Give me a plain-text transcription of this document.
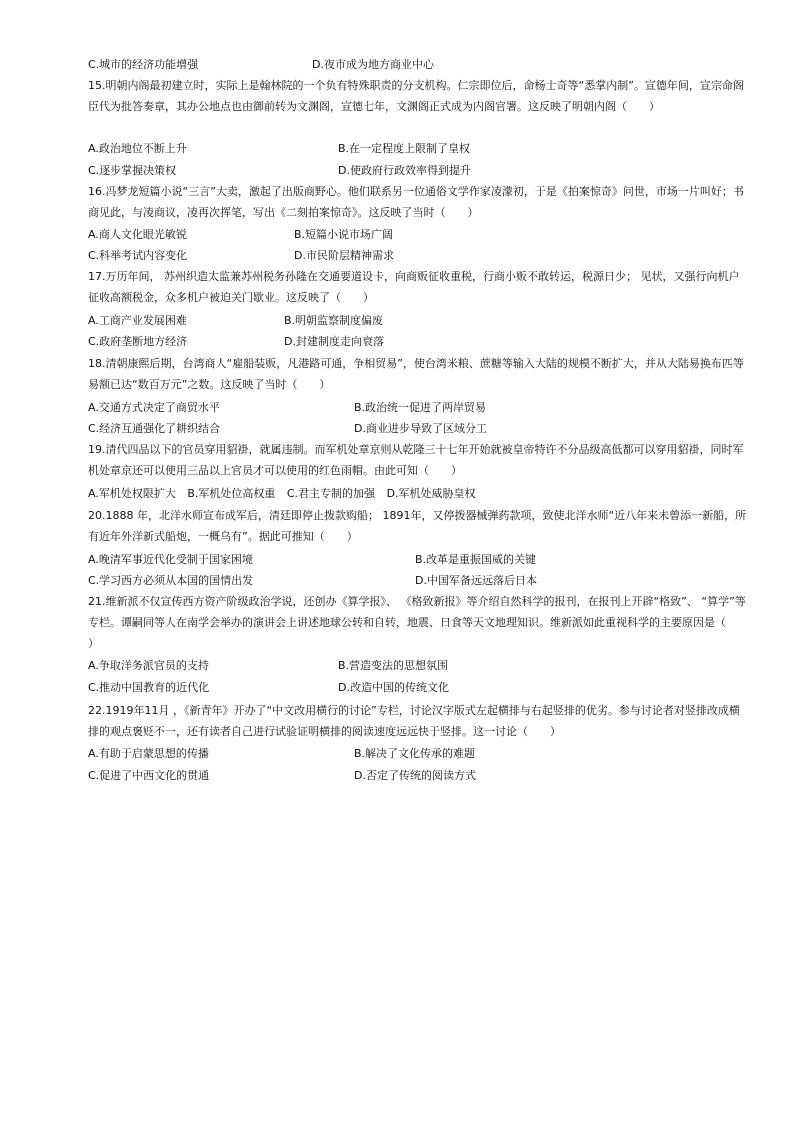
C.城市的经济功能增强	D.夜市成为地方商业中心
15.明朝内阁最初建立时，实际上是翰林院的一个负有特殊职责的分支机构。仁宗即位后，命杨士奇等“悉掌内制”。宣德年间，宣宗命阁臣代为批答奏章，其办公地点也由御前转为文渊阁，宣德七年，文渊阁正式成为内阁官署。这反映了明朝内阁（　　）
A.政治地位不断上升	B.在一定程度上限制了皇权
C.逐步掌握决策权	D.使政府行政效率得到提升
16.冯梦龙短篇小说“三言”大卖，激起了出版商野心。他们联系另一位通俗文学作家凌濛初，于是《拍案惊奇》问世，市场一片叫好；书商见此，与凌商议，凌再次挥笔，写出《二刻拍案惊奇》。这反映了当时（　　）
A.商人文化眼光敏锐	B.短篇小说市场广阔
C.科举考试内容变化	D.市民阶层精神需求
17.万历年间， 苏州织造太监兼苏州税务孙隆在交通要道设卡，向商贩征收重税，行商小贩不敢转运，税源日少； 见状，又强行向机户征收高额税金，众多机户被迫关门歇业。这反映了（　　）
A.工商产业发展困难	B.明朝监察制度偏废
C.政府垄断地方经济	D.封建制度走向衰落
18.清朝康熙后期，台湾商人“雇船装贩，凡港路可通，争相贸易”，使台湾米粮、蔗糖等输入大陆的规模不断扩大，并从大陆易换布匹等易额已达“数百万元”之数。这反映了当时（　　）
A.交通方式决定了商贸水平	B.政治统一促进了两岸贸易
C.经济互通强化了耕织结合	D.商业进步导致了区域分工
19.清代四品以下的官员穿用貂褂，就属违制。而军机处章京则从乾隆三十七年开始就被皇帝特许不分品级高低都可以穿用貂褂，同时军机处章京还可以使用三品以上官员才可以使用的红色雨帽。由此可知（　　）
A.军机处权限扩大 B.军机处位高权重 C.君主专制的加强 D.军机处威胁皇权
20.1888 年，北洋水师宣布成军后，清廷即停止拨款购船； 1891年，又停拨器械弹药款项，致使北洋水师“近八年来未曾添一新船，所有近年外洋新式船炮，一概乌有”。据此可推知（　　）
A.晚清军事近代化受制于国家困境	B.改革是重振国威的关键
C.学习西方必须从本国的国情出发	D.中国军备远远落后日本
21.维新派不仅宣传西方资产阶级政治学说，还创办《算学报》、 《格致新报》等介绍自然科学的报刊，在报刊上开辟“格致”、 “算学”等专栏。谭嗣同等人在南学会举办的演讲会上讲述地球公转和自转，地震、日食等天文地理知识。维新派如此重视科学的主要原因是（　　）
A.争取洋务派官员的支持	B.营造变法的思想氛围
C.推动中国教育的近代化	D.改造中国的传统文化
22.1919年11月 ，《新青年》开办了“中文改用横行的讨论”专栏，讨论汉字版式左起横排与右起竖排的优劣。参与讨论者对竖排改成横排的观点褒贬不一，还有读者自己进行试验证明横排的阅读速度远远快于竖排。这一讨论（　　）
A.有助于启蒙思想的传播	B.解决了文化传承的难题
C.促进了中西文化的贯通	D.否定了传统的阅读方式
